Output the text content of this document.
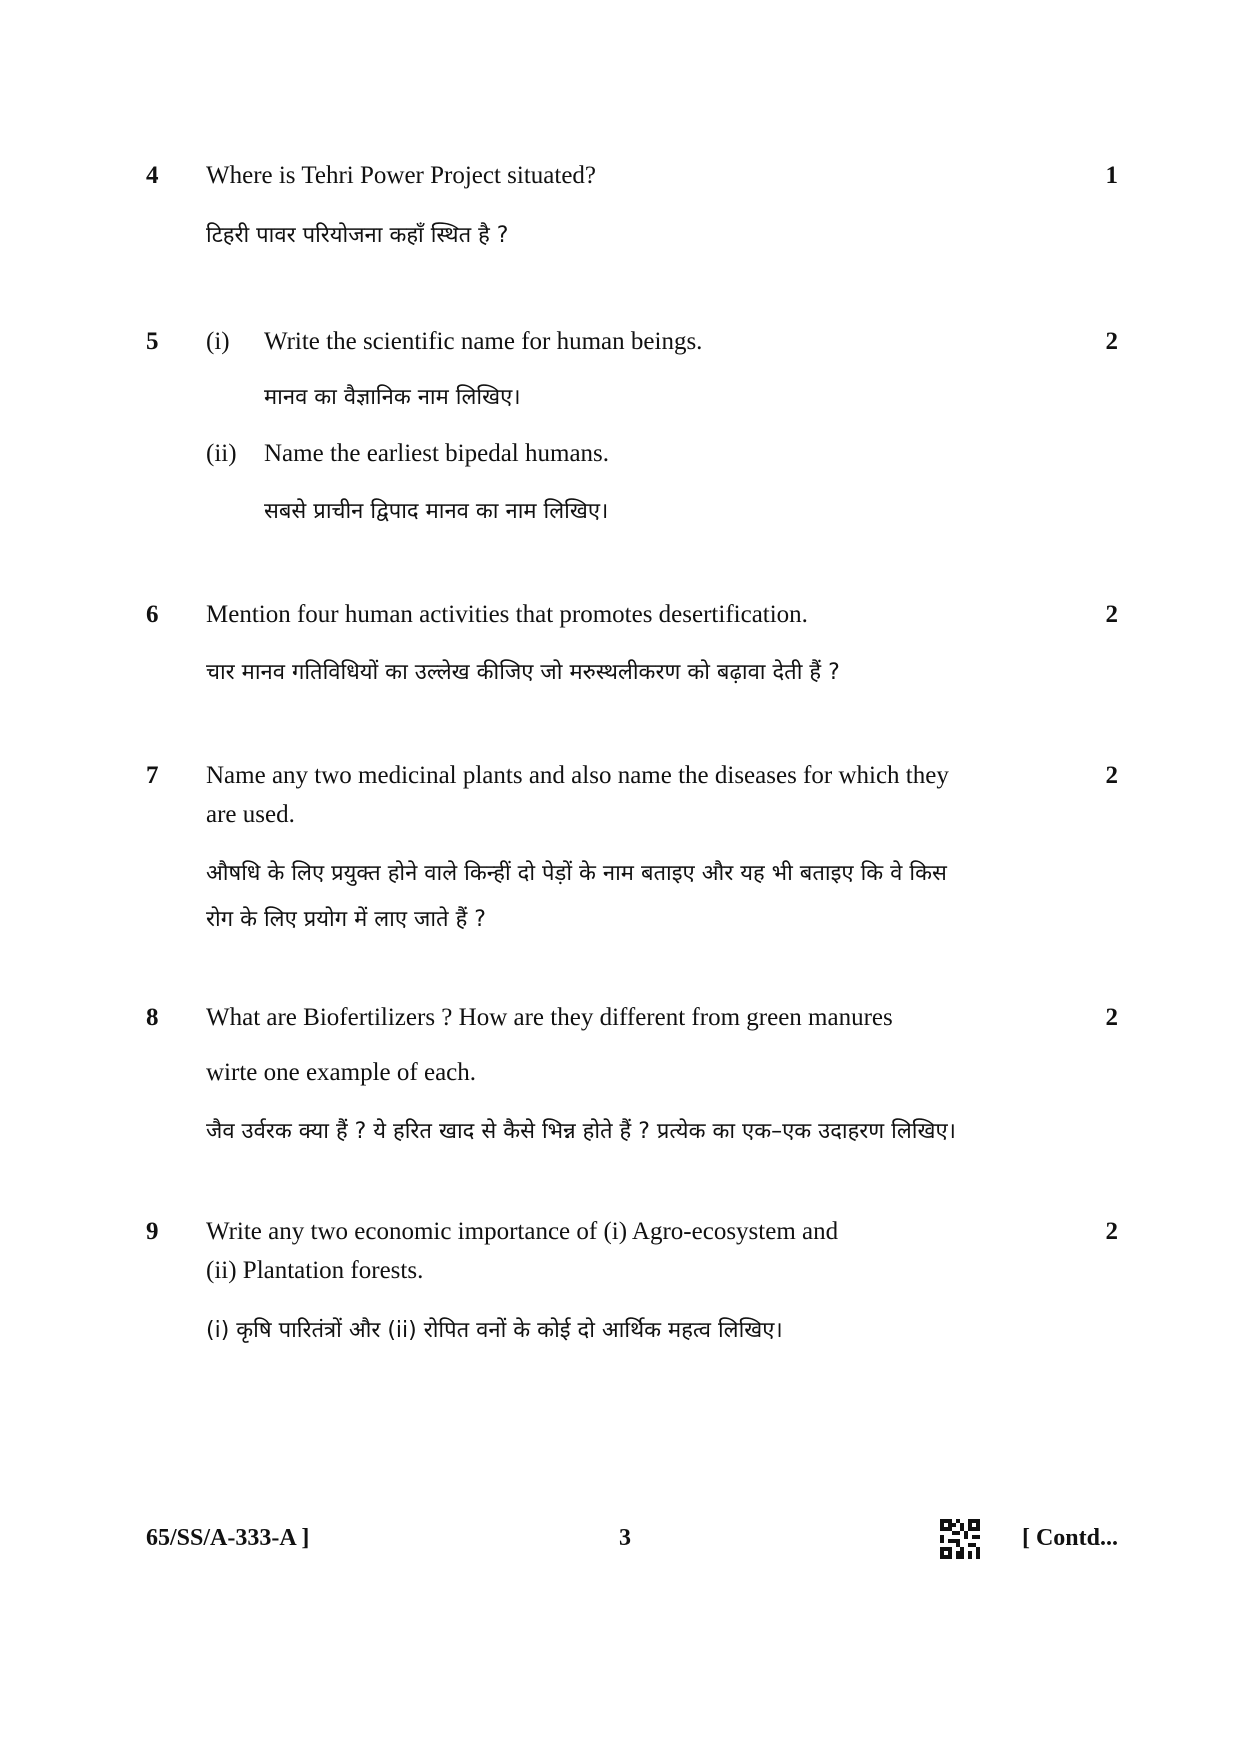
4	Where is Tehri Power Project situated?	1
टिहरी पावर परियोजना कहाँ स्थित है ?
5	(i)	Write the scientific name for human beings.	2
मानव का वैज्ञानिक नाम लिखिए।
(ii)	Name the earliest bipedal humans.
सबसे प्राचीन द्विपाद मानव का नाम लिखिए।
6	Mention four human activities that promotes desertification.	2
चार मानव गतिविधियों का उल्लेख कीजिए जो मरुस्थलीकरण को बढ़ावा देती हैं ?
7	Name any two medicinal plants and also name the diseases for which they	2
are used.
औषधि के लिए प्रयुक्त होने वाले किन्हीं दो पेड़ों के नाम बताइए और यह भी बताइए कि वे किस
रोग के लिए प्रयोग में लाए जाते हैं ?
8	What are Biofertilizers ? How are they different from green manures	2
wirte one example of each.
जैव उर्वरक क्या हैं ? ये हरित खाद से कैसे भिन्न होते हैं ? प्रत्येक का एक–एक उदाहरण लिखिए।
9	Write any two economic importance of (i) Agro-ecosystem and	2
(ii) Plantation forests.
(i) कृषि पारितंत्रों और (ii) रोपित वनों के कोई दो आर्थिक महत्व लिखिए।
65/SS/A-333-A ]	3	[ Contd...
